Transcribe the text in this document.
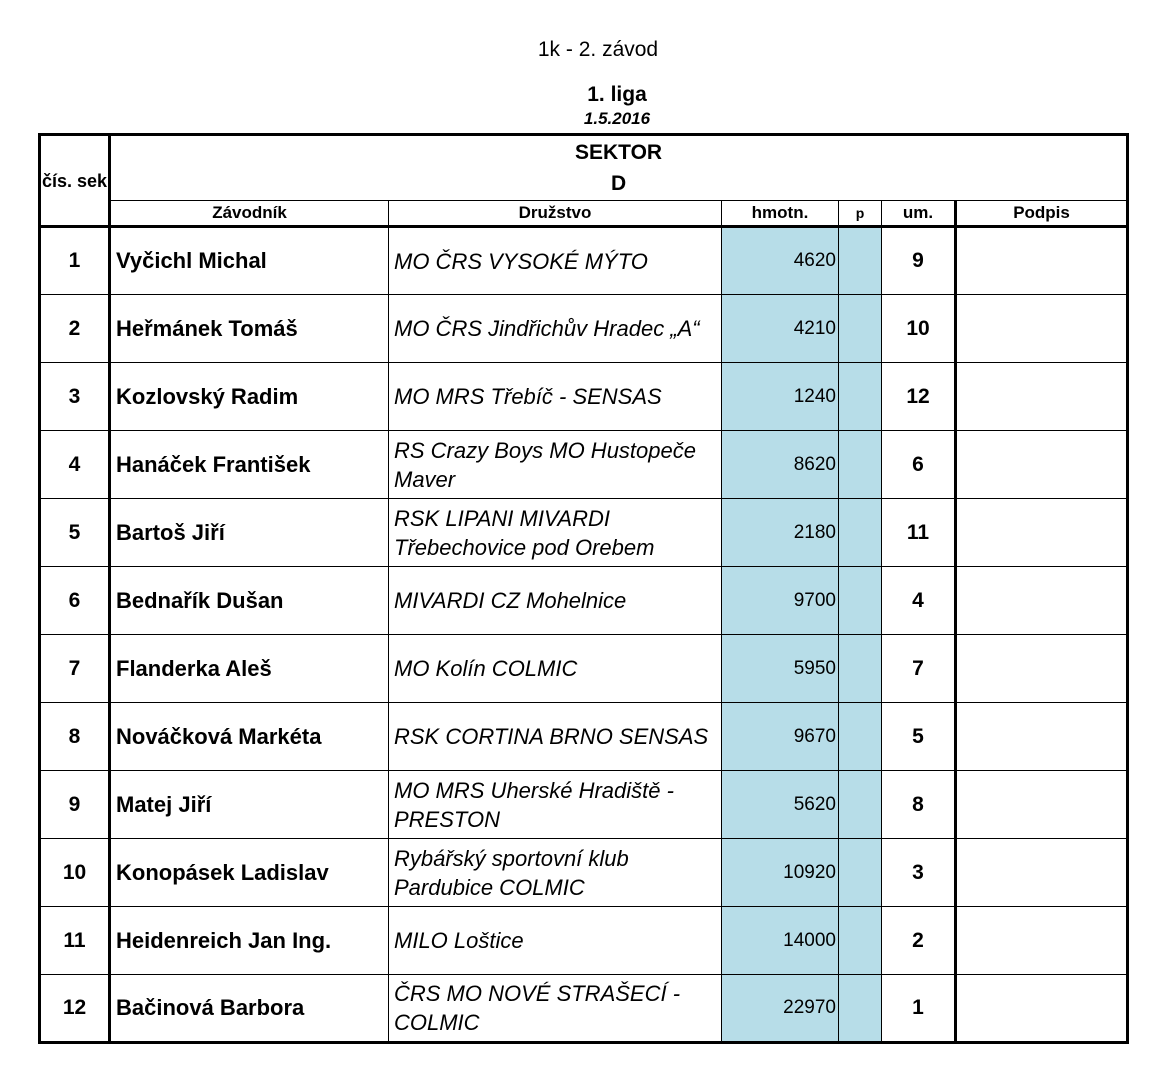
1k - 2. závod
1. liga
1.5.2016
čís. sek	SEKTOR
D					

	Závodník	Družstvo	hmotn.	p	um.	Podpis
1	Vyčichl Michal	MO ČRS VYSOKÉ MÝTO	4620		9	
2	Heřmánek Tomáš	MO ČRS Jindřichův Hradec „A“	4210		10	
3	Kozlovský Radim	MO MRS Třebíč - SENSAS	1240		12	
4	Hanáček František	RS Crazy Boys MO Hustopeče Maver	8620		6	
5	Bartoš Jiří	RSK LIPANI MIVARDI Třebechovice pod Orebem	2180		11	
6	Bednařík Dušan	MIVARDI CZ Mohelnice	9700		4	
7	Flanderka Aleš	MO Kolín COLMIC	5950		7	
8	Nováčková Markéta	RSK CORTINA BRNO SENSAS	9670		5	
9	Matej Jiří	MO MRS Uherské Hradiště - PRESTON	5620		8	
10	Konopásek Ladislav	Rybářský sportovní klub Pardubice COLMIC	10920		3	
11	Heidenreich Jan Ing.	MILO Loštice	14000		2	
12	Bačinová Barbora	ČRS MO NOVÉ STRAŠECÍ - COLMIC	22970		1	
